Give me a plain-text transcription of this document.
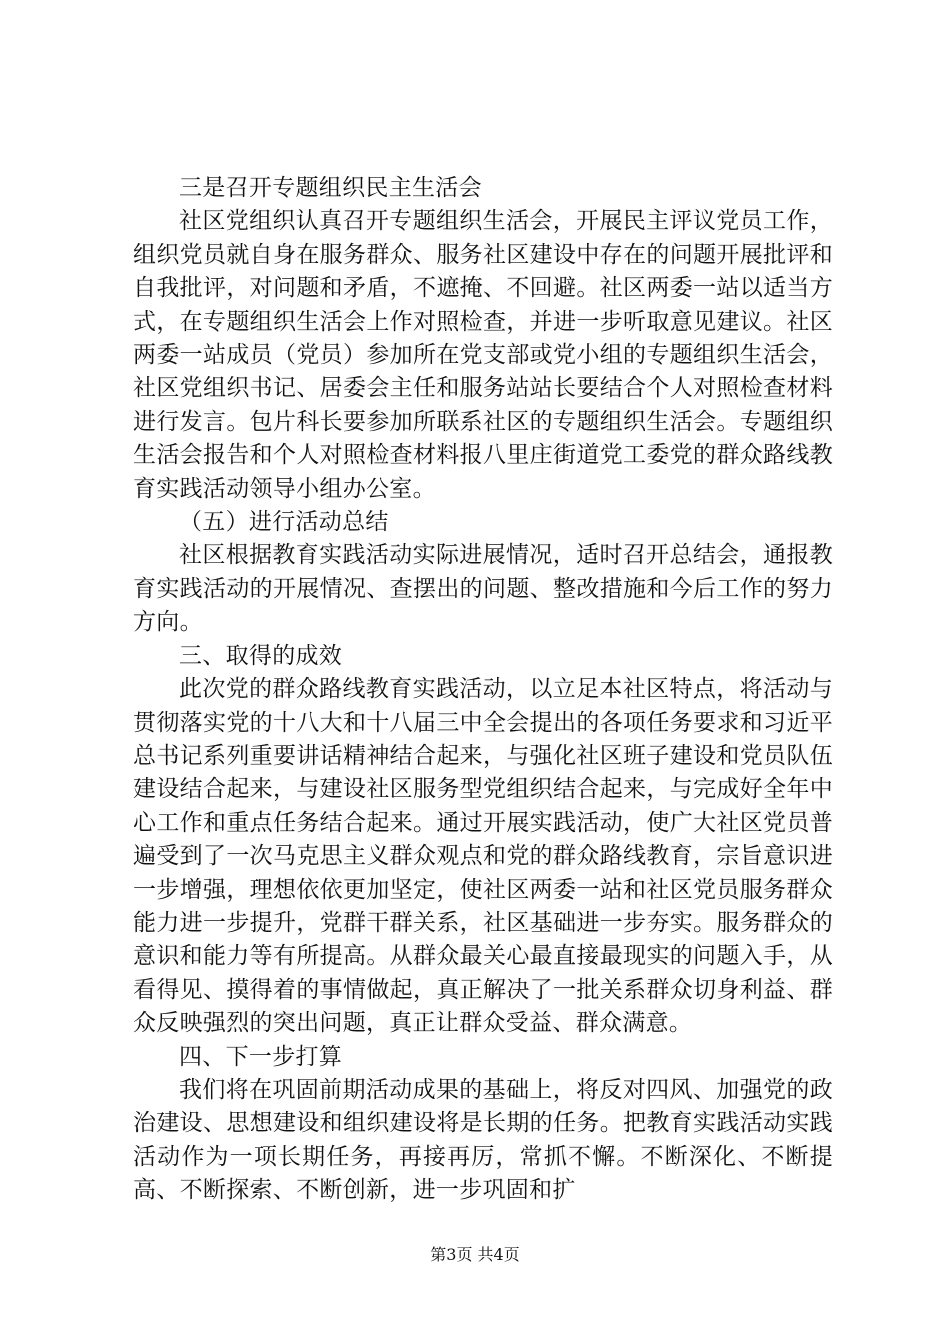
三是召开专题组织民主生活会

社区党组织认真召开专题组织生活会，开展民主评议党员工作，组织党员就自身在服务群众、服务社区建设中存在的问题开展批评和自我批评，对问题和矛盾，不遮掩、不回避。社区两委一站以适当方式，在专题组织生活会上作对照检查，并进一步听取意见建议。社区两委一站成员（党员）参加所在党支部或党小组的专题组织生活会，社区党组织书记、居委会主任和服务站站长要结合个人对照检查材料进行发言。包片科长要参加所联系社区的专题组织生活会。专题组织生活会报告和个人对照检查材料报八里庄街道党工委党的群众路线教育实践活动领导小组办公室。

（五）进行活动总结

社区根据教育实践活动实际进展情况，适时召开总结会，通报教育实践活动的开展情况、查摆出的问题、整改措施和今后工作的努力方向。

三、取得的成效

此次党的群众路线教育实践活动，以立足本社区特点，将活动与贯彻落实党的十八大和十八届三中全会提出的各项任务要求和习近平总书记系列重要讲话精神结合起来，与强化社区班子建设和党员队伍建设结合起来，与建设社区服务型党组织结合起来，与完成好全年中心工作和重点任务结合起来。通过开展实践活动，使广大社区党员普遍受到了一次马克思主义群众观点和党的群众路线教育，宗旨意识进一步增强，理想依依更加坚定，使社区两委一站和社区党员服务群众能力进一步提升，党群干群关系，社区基础进一步夯实。服务群众的意识和能力等有所提高。从群众最关心最直接最现实的问题入手，从看得见、摸得着的事情做起，真正解决了一批关系群众切身利益、群众反映强烈的突出问题，真正让群众受益、群众满意。

四、下一步打算

我们将在巩固前期活动成果的基础上，将反对四风、加强党的政治建设、思想建设和组织建设将是长期的任务。把教育实践活动实践活动作为一项长期任务，再接再厉，常抓不懈。不断深化、不断提高、不断探索、不断创新，进一步巩固和扩

第3页 共4页
